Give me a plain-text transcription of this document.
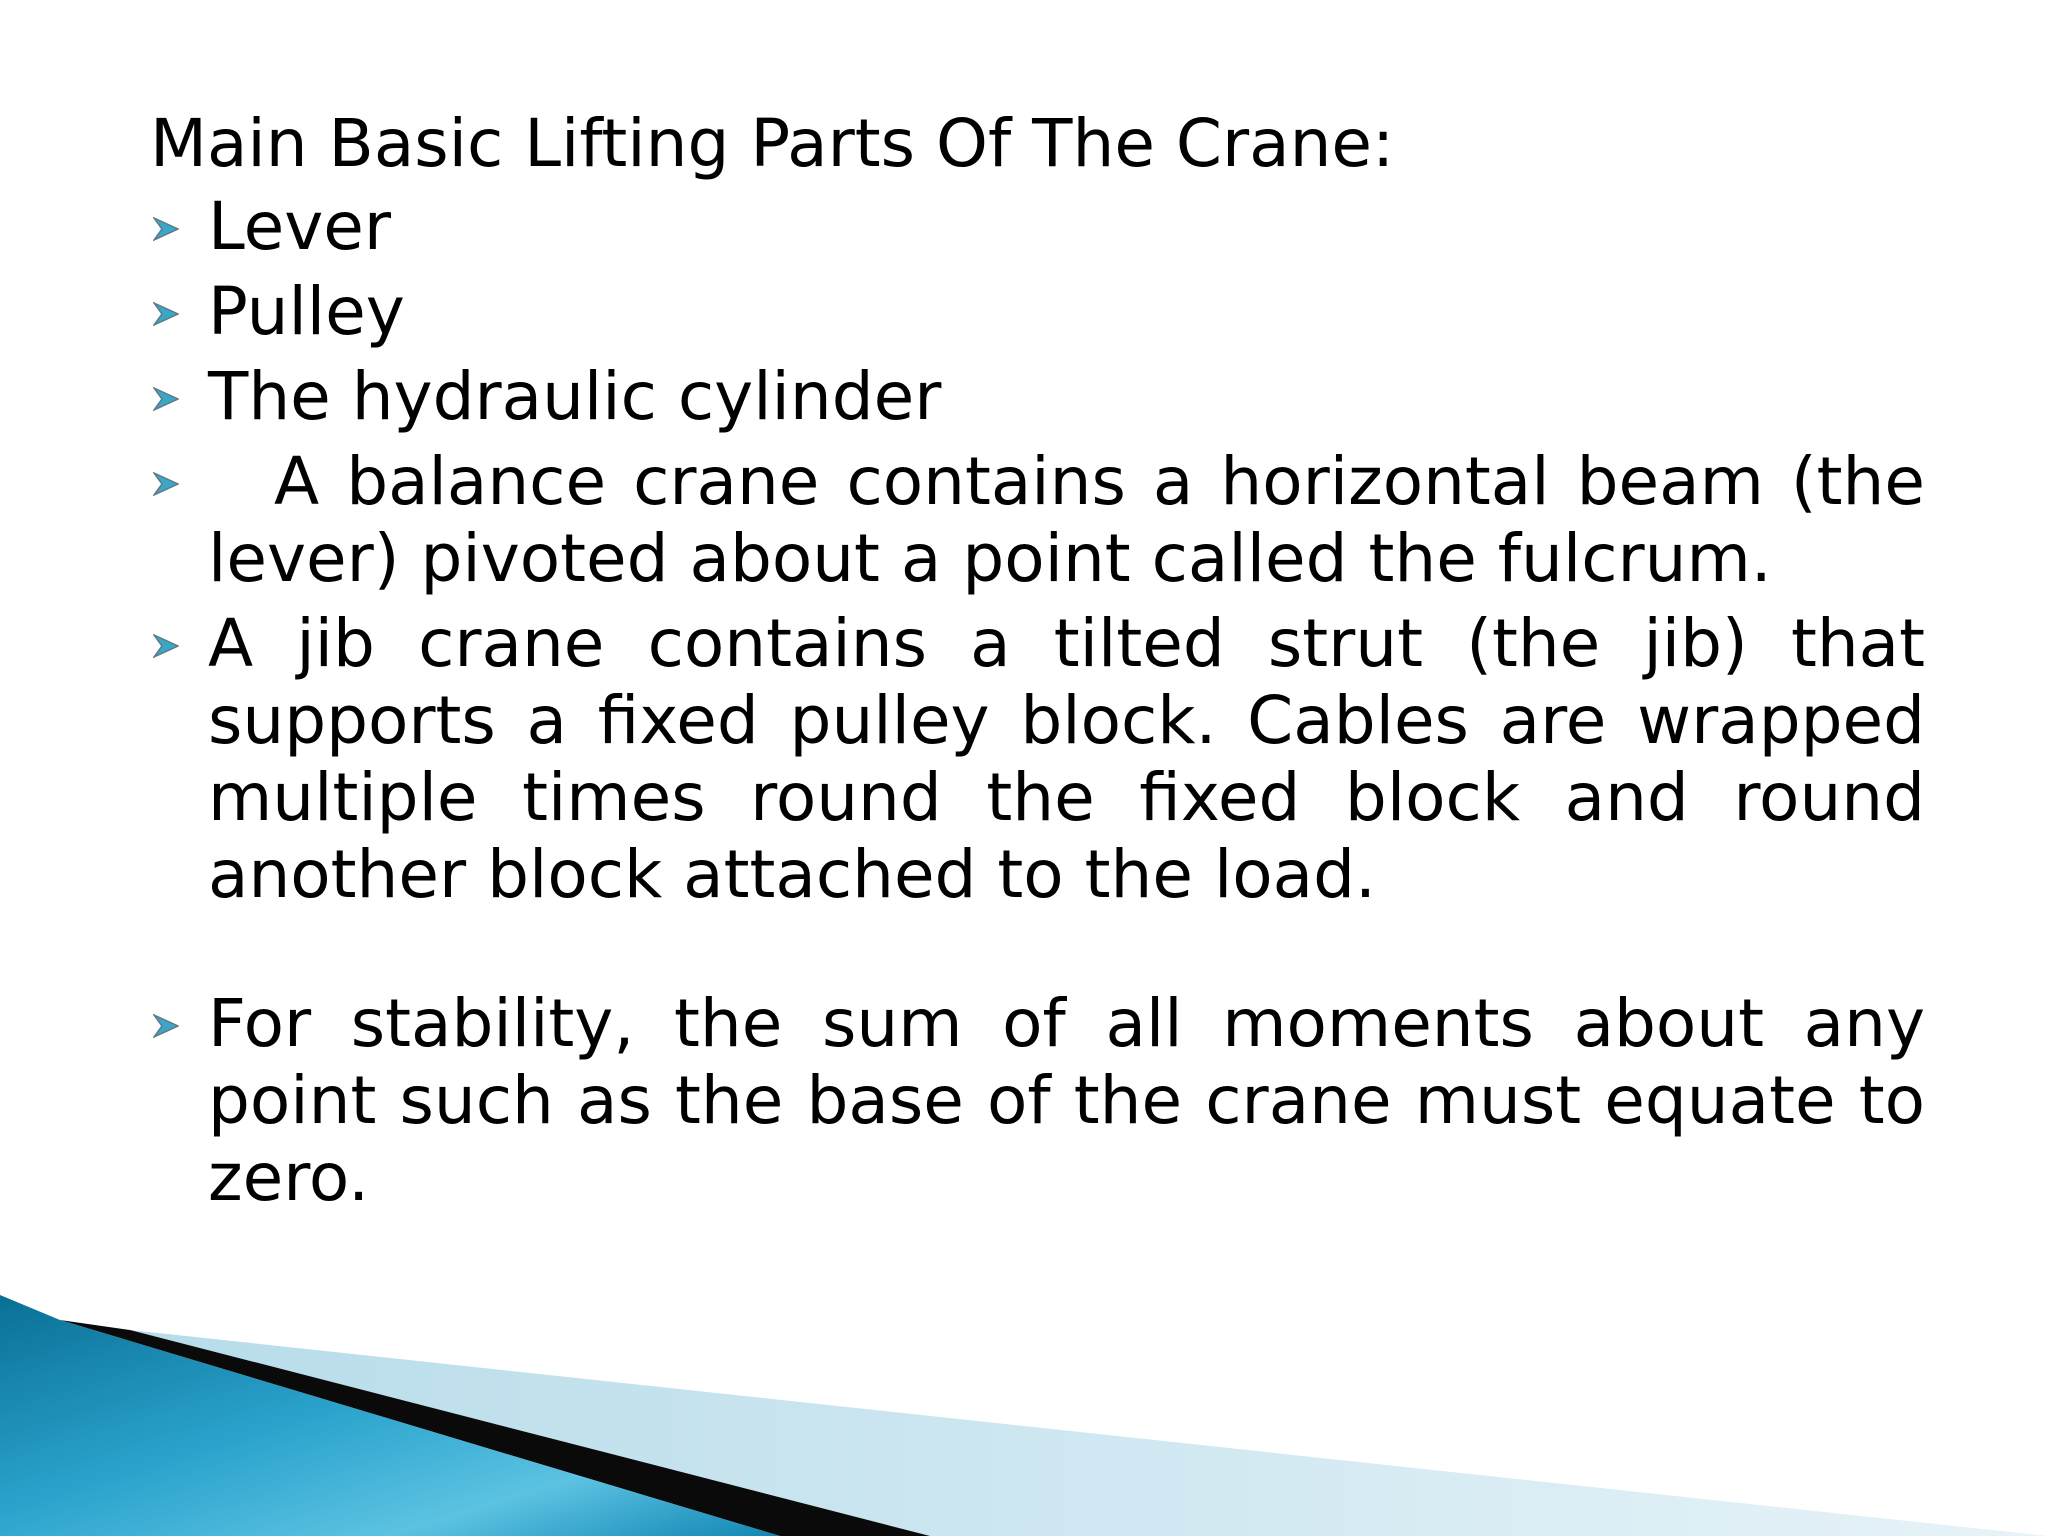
Main Basic Lifting Parts Of The Crane:

Lever
Pulley
The hydraulic cylinder
A balance crane contains a horizontal beam (the lever) pivoted about a point called the fulcrum.
A jib crane contains a tilted strut (the jib) that supports a fixed pulley block. Cables are wrapped multiple times round the fixed block and round another block attached to the load.
For stability, the sum of all moments about any point such as the base of the crane must equate to zero.
